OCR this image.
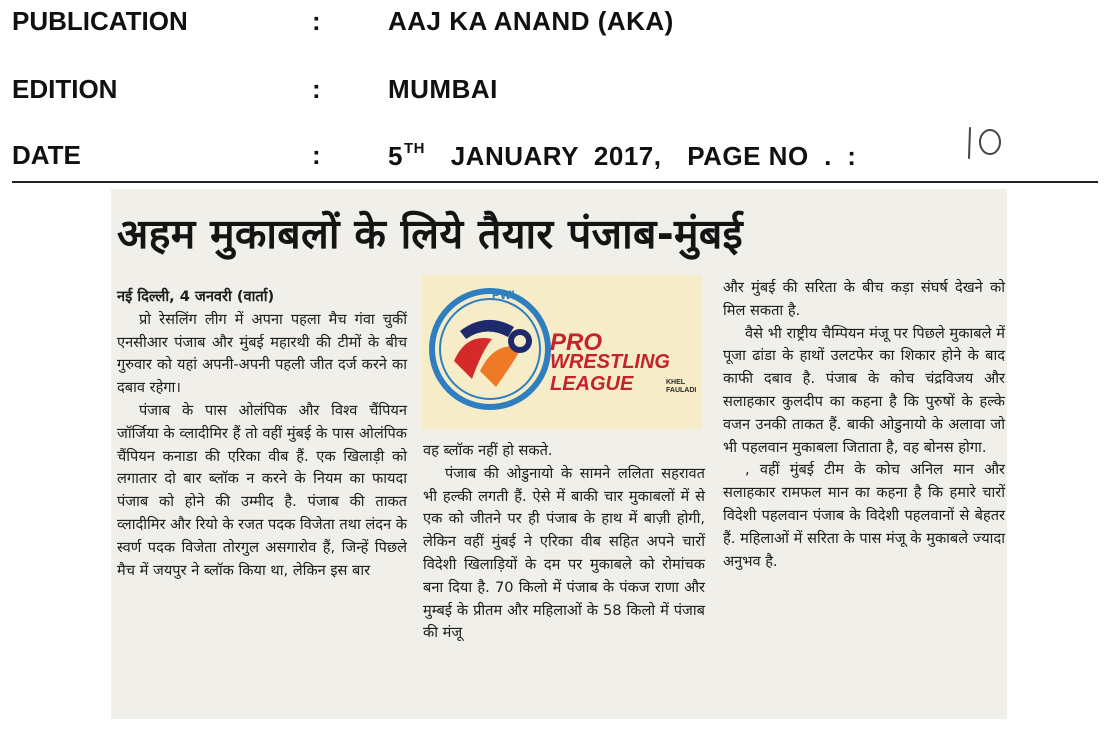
PUBLICATION	:	AAJ KA ANAND (AKA)
EDITION	:	MUMBAI
DATE	:	5TH JANUARY  2017, PAGE NO  .  :
अहम मुकाबलों के लिये तैयार पंजाब-मुंबई

नई दिल्ली, 4 जनवरी (वार्ता)

प्रो रेसलिंग लीग में अपना पहला मैच गंवा चुकीं एनसीआर पंजाब और मुंबई महारथी की टीमों के बीच गुरुवार को यहां अपनी-अपनी पहली जीत दर्ज करने का दबाव रहेगा।

पंजाब के पास ओलंपिक और विश्व चैंपियन जॉर्जिया के व्लादीमिर हैं तो वहीं मुंबई के पास ओलंपिक चैंपियन कनाडा की एरिका वीब हैं. एक खिलाड़ी को लगातार दो बार ब्लॉक न करने के नियम का फायदा पंजाब को होने की उम्मीद है. पंजाब की ताकत व्लादीमिर और रियो के रजत पदक विजेता तथा लंदन के स्वर्ण पदक विजेता तोरगुल असगारोव हैं, जिन्हें पिछले मैच में जयपुर ने ब्लॉक किया था, लेकिन इस बार

PWL
PRO
WRESTLING
LEAGUE	KHEL
FAULADI

वह ब्लॉक नहीं हो सकते.

पंजाब की ओडुनायो के सामने ललिता सहरावत भी हल्की लगती हैं. ऐसे में बाकी चार मुकाबलों में से एक को जीतने पर ही पंजाब के हाथ में बाज़ी होगी, लेकिन वहीं मुंबई ने एरिका वीब सहित अपने चारों विदेशी खिलाड़ियों के दम पर मुकाबले को रोमांचक बना दिया है. 70 किलो में पंजाब के पंकज राणा और मुम्बई के प्रीतम और महिलाओं के 58 किलो में पंजाब की मंजू

और मुंबई की सरिता के बीच कड़ा संघर्ष देखने को मिल सकता है.

वैसे भी राष्ट्रीय चैम्पियन मंजू पर पिछले मुकाबले में पूजा ढांडा के हाथों उलटफेर का शिकार होने के बाद काफी दबाव है. पंजाब के कोच चंद्रविजय और सलाहकार कुलदीप का कहना है कि पुरुषों के हल्के वजन उनकी ताकत हैं. बाकी ओडुनायो के अलावा जो भी पहलवान मुकाबला जिताता है, वह बोनस होगा.

, वहीं मुंबई टीम के कोच अनिल मान और सलाहकार रामफल मान का कहना है कि हमारे चारों विदेशी पहलवान पंजाब के विदेशी पहलवानों से बेहतर हैं. महिलाओं में सरिता के पास मंजू के मुकाबले ज्यादा अनुभव है.
